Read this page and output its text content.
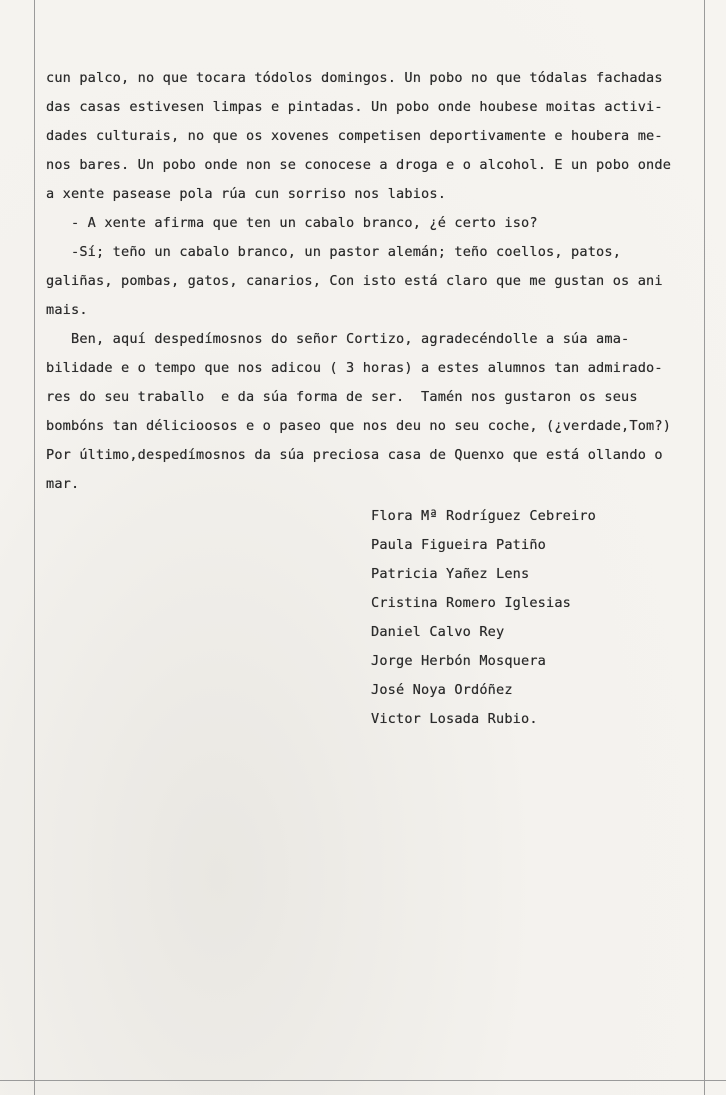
cun palco, no que tocara tódolos domingos. Un pobo no que tódalas fachadas
das casas estivesen limpas e pintadas. Un pobo onde houbese moitas activi-
dades culturais, no que os xovenes competisen deportivamente e houbera me-
nos bares. Un pobo onde non se conocese a droga e o alcohol. E un pobo onde
a xente pasease pola rúa cun sorriso nos labios.
- A xente afirma que ten un cabalo branco, ¿é certo iso?
-Sí; teño un cabalo branco, un pastor alemán; teño coellos, patos,
galiñas, pombas, gatos, canarios, Con isto está claro que me gustan os ani
mais.
Ben, aquí despedímosnos do señor Cortizo, agradecéndolle a súa ama-
bilidade e o tempo que nos adicou ( 3 horas) a estes alumnos tan admirado-
res do seu traballo  e da súa forma de ser.  Tamén nos gustaron os seus
bombóns tan délicioosos e o paseo que nos deu no seu coche, (¿verdade,Tom?)
Por último,despedímosnos da súa preciosa casa de Quenxo que está ollando o
mar.
Flora Mª Rodríguez Cebreiro
Paula Figueira Patiño
Patricia Yañez Lens
Cristina Romero Iglesias
Daniel Calvo Rey
Jorge Herbón Mosquera
José Noya Ordóñez
Victor Losada Rubio.
